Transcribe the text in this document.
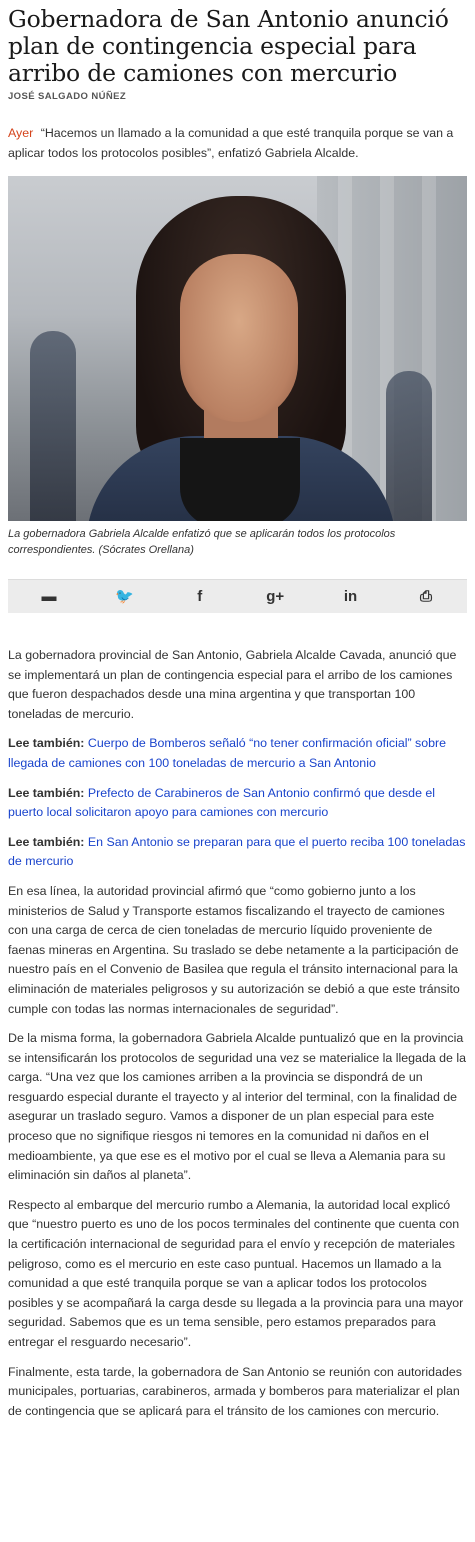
Gobernadora de San Antonio anunció plan de contingencia especial para arribo de camiones con mercurio
JOSÉ SALGADO NÚÑEZ

Ayer “Hacemos un llamado a la comunidad a que esté tranquila porque se van a aplicar todos los protocolos posibles”, enfatizó Gabriela Alcalde.

La gobernadora Gabriela Alcalde enfatizó que se aplicarán todos los protocolos correspondientes. (Sócrates Orellana)

▬	🐦	f	g+	in	⎙

La gobernadora provincial de San Antonio, Gabriela Alcalde Cavada, anunció que se implementará un plan de contingencia especial para el arribo de los camiones que fueron despachados desde una mina argentina y que transportan 100 toneladas de mercurio.

Lee también: Cuerpo de Bomberos señaló “no tener confirmación oficial” sobre llegada de camiones con 100 toneladas de mercurio a San Antonio

Lee también: Prefecto de Carabineros de San Antonio confirmó que desde el puerto local solicitaron apoyo para camiones con mercurio

Lee también: En San Antonio se preparan para que el puerto reciba 100 toneladas de mercurio

En esa línea, la autoridad provincial afirmó que “como gobierno junto a los ministerios de Salud y Transporte estamos fiscalizando el trayecto de camiones con una carga de cerca de cien toneladas de mercurio líquido proveniente de faenas mineras en Argentina. Su traslado se debe netamente a la participación de nuestro país en el Convenio de Basilea que regula el tránsito internacional para la eliminación de materiales peligrosos y su autorización se debió a que este tránsito cumple con todas las normas internacionales de seguridad”.

De la misma forma, la gobernadora Gabriela Alcalde puntualizó que en la provincia se intensificarán los protocolos de seguridad una vez se materialice la llegada de la carga. “Una vez que los camiones arriben a la provincia se dispondrá de un resguardo especial durante el trayecto y al interior del terminal, con la finalidad de asegurar un traslado seguro. Vamos a disponer de un plan especial para este proceso que no signifique riesgos ni temores en la comunidad ni daños en el medioambiente, ya que ese es el motivo por el cual se lleva a Alemania para su eliminación sin daños al planeta”.

Respecto al embarque del mercurio rumbo a Alemania, la autoridad local explicó que “nuestro puerto es uno de los pocos terminales del continente que cuenta con la certificación internacional de seguridad para el envío y recepción de materiales peligroso, como es el mercurio en este caso puntual. Hacemos un llamado a la comunidad a que esté tranquila porque se van a aplicar todos los protocolos posibles y se acompañará la carga desde su llegada a la provincia para una mayor seguridad. Sabemos que es un tema sensible, pero estamos preparados para entregar el resguardo necesario”.

Finalmente, esta tarde, la gobernadora de San Antonio se reunión con autoridades municipales, portuarias, carabineros, armada y bomberos para materializar el plan de contingencia que se aplicará para el tránsito de los camiones con mercurio.
